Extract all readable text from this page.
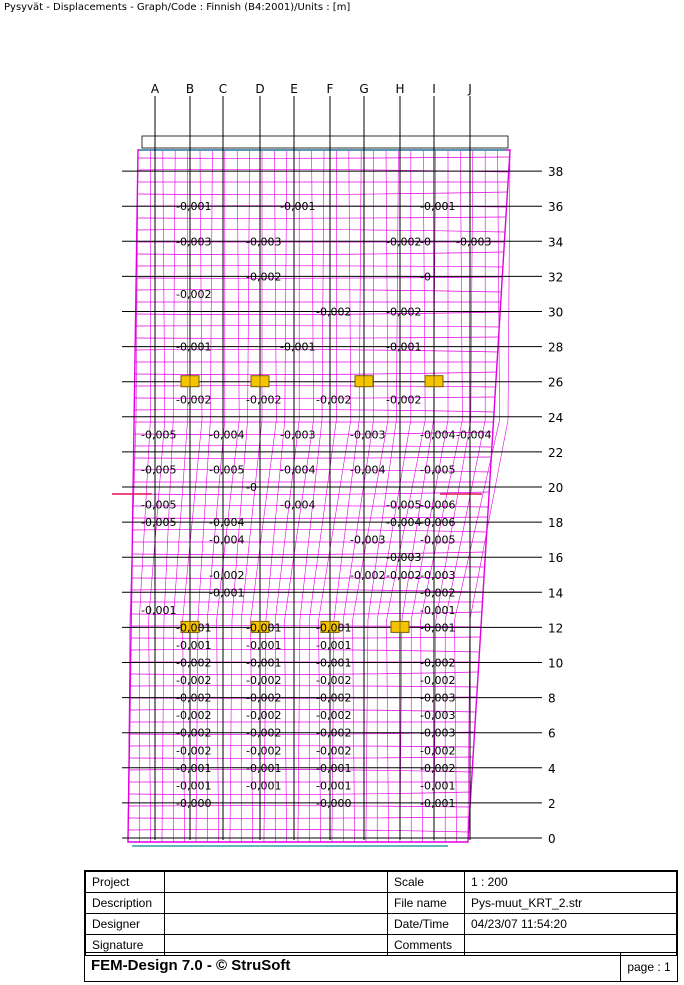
Pysyvät - Displacements - Graph/Code : Finnish (B4:2001)/Units : [m]
A B C D E F G H I	J
38
36
34
32
30
28
26
24
22
20
18
16
14
12
10
8
6
4
2
0
-0,001	-0,001	-0,001
-0
-0,003	-0,003	-0,002	-0,003
-0,002	-0
-0,002
-0,002	-0,002
-0,001	-0,001	-0,001
-0,002	-0,002	-0,002	-0,002
-0,005	-0,004	-0,003	-0,003	-0,004 -0,004
-0,005	-0,005	-0,004	-0,004	-0,005
-0
-0,005	-0,004	-0,005
-0,006
-0,005	-0,004	-0,004
-0,006
-0,004	-0,003	-0,005
-0,003
-0,002	-0,002 -0,002
-0,003
-0,001	-0,002
-0,001	-0,001
-0,001	-0,001	-0,001	-0,001
-0,001	-0,001	-0,001
-0,002	-0,001	-0,001	-0,002
-0,002	-0,002	-0,002	-0,002
-0,002	-0,002	-0,002	-0,003
-0,002	-0,002	-0,002	-0,003
-0,002	-0,002	-0,002	-0,003
-0,002	-0,002	-0,002	-0,002
-0,001	-0,001	-0,001	-0,002
-0,001	-0,001	-0,001	-0,001
-0,000	-0,000	-0,001
Project		Scale	1 : 200
Description		File name	Pys-muut_KRT_2.str
Designer		Date/Time	04/23/07 11:54:20
Signature		Comments	
FEM-Design 7.0 - © StruSoft	page : 1
